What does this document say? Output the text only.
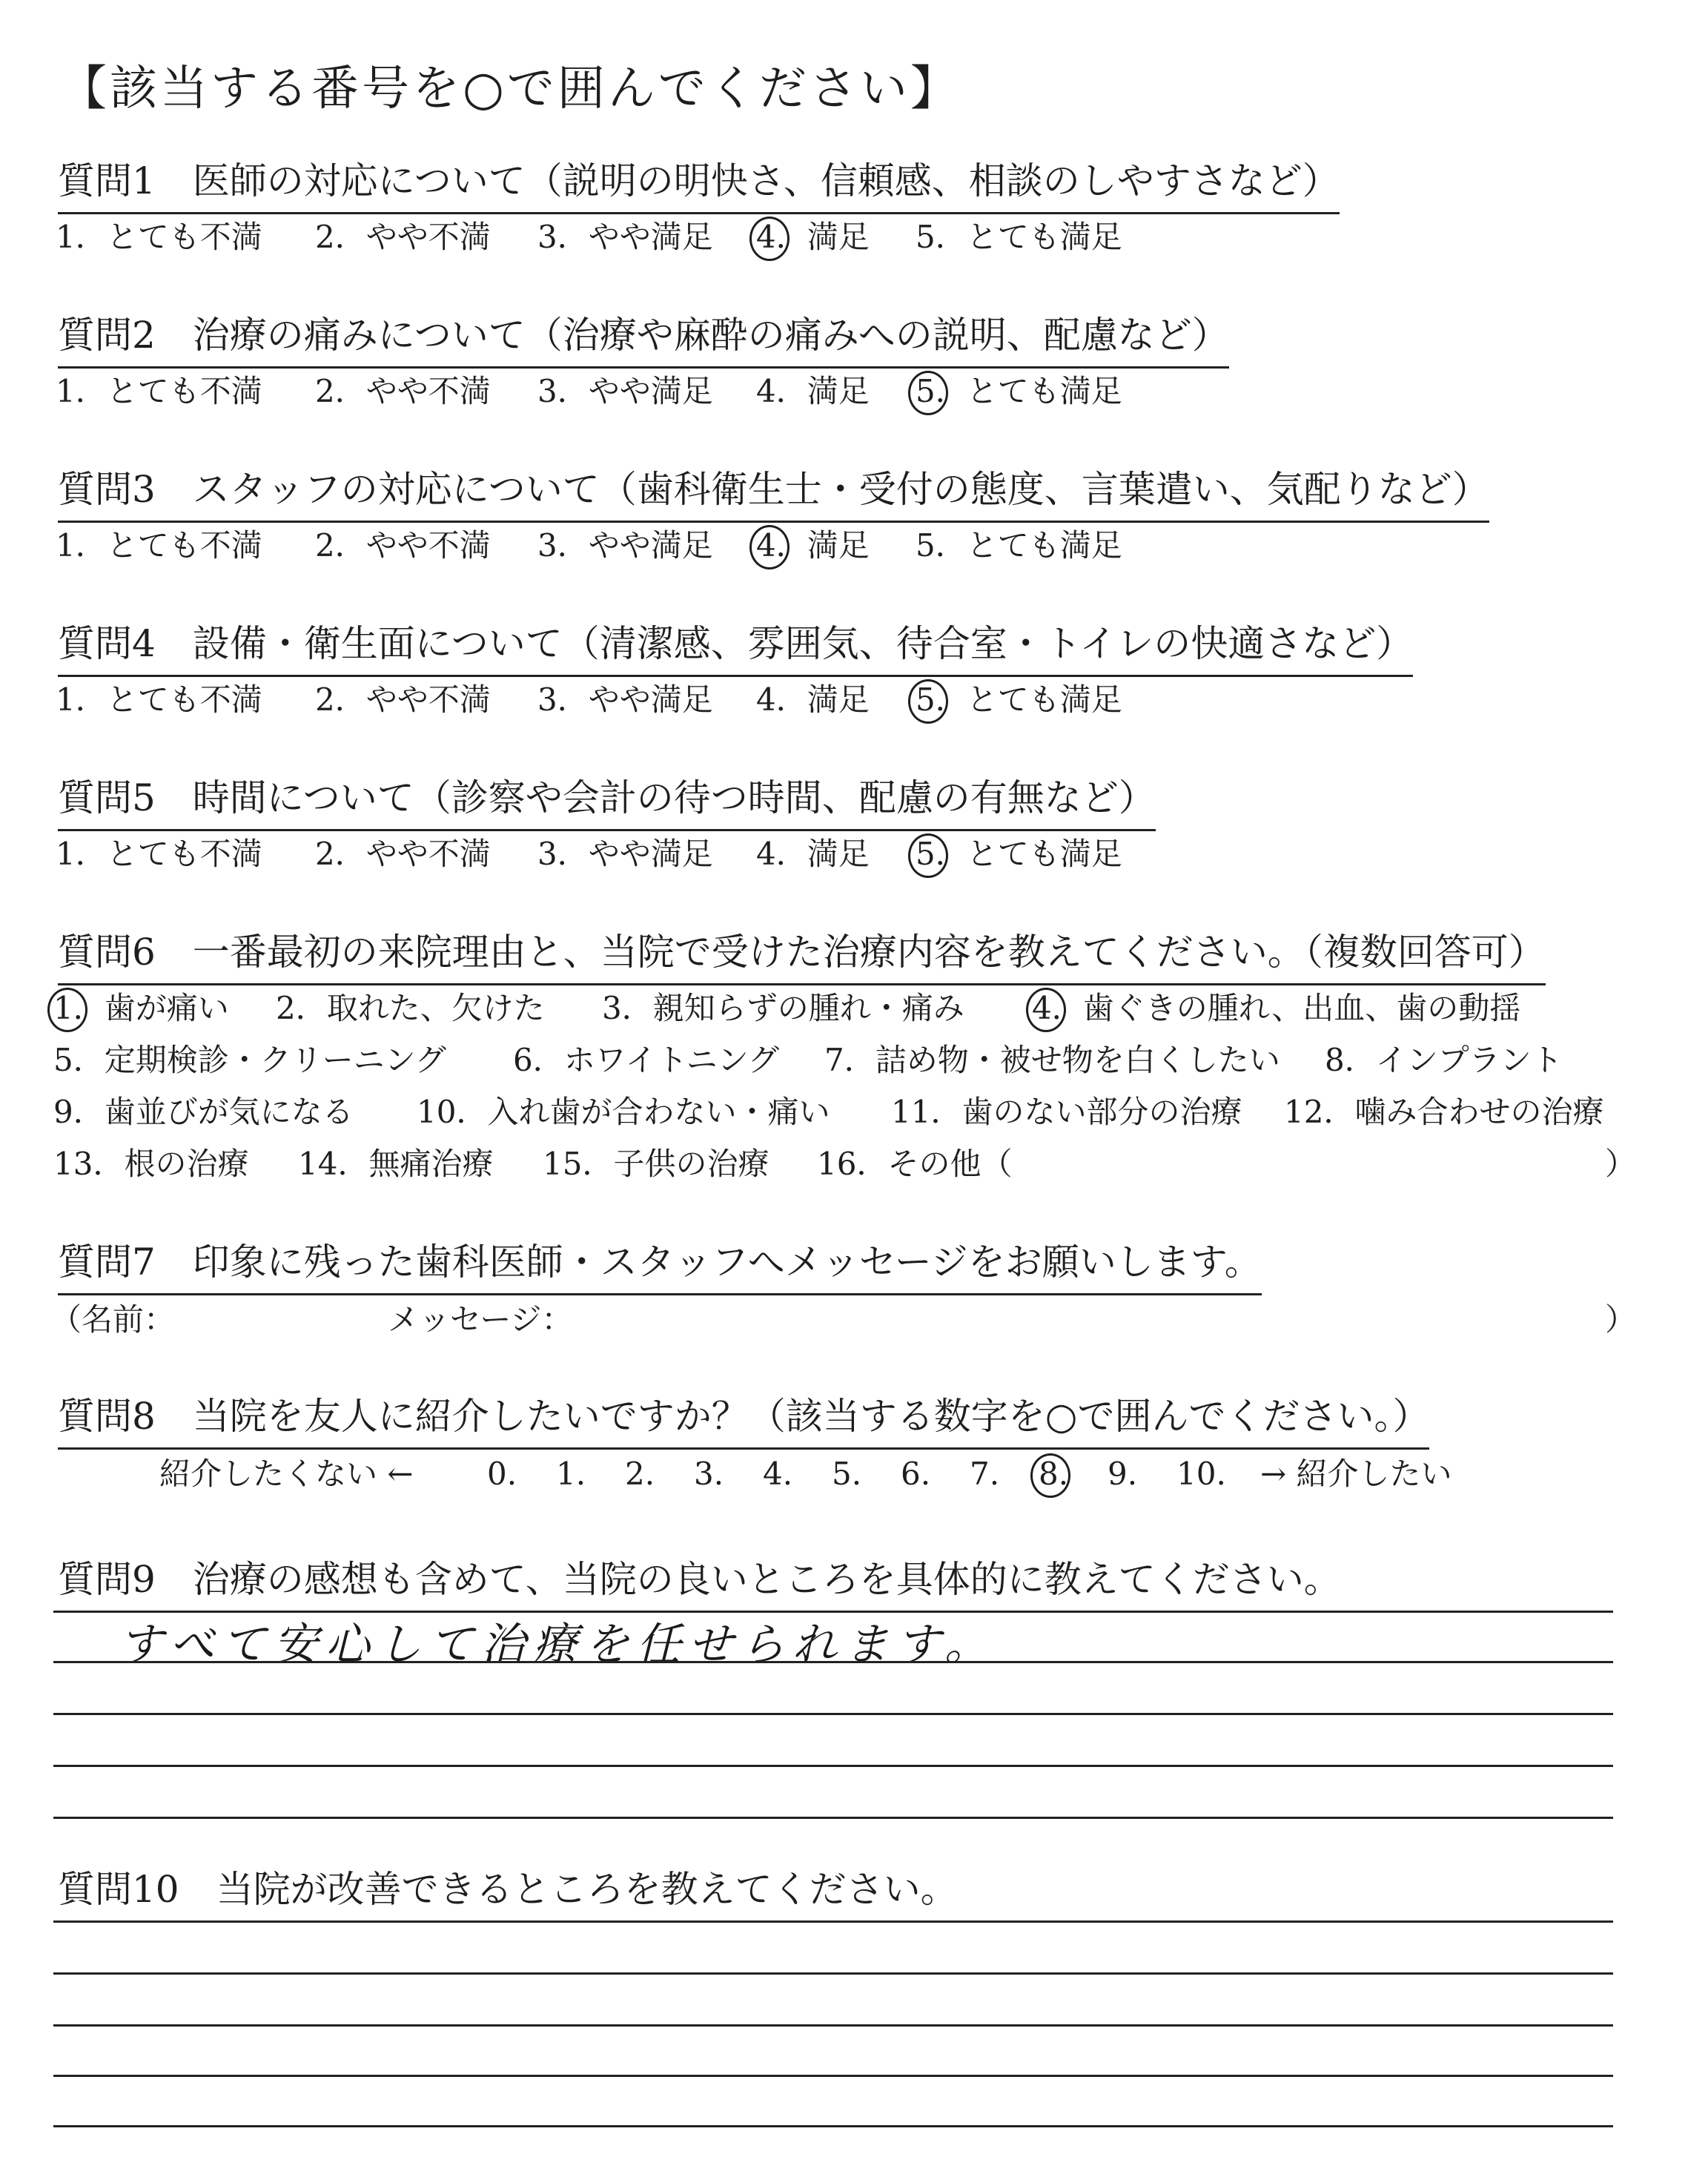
【該当する番号を○で囲んでください】
質問1　医師の対応について（説明の明快さ、信頼感、相談のしやすさなど）
1．とても不満 2．やや不満 3．やや満足 4．満足 5．とても満足
質問2　治療の痛みについて（治療や麻酔の痛みへの説明、配慮など）
1．とても不満 2．やや不満 3．やや満足 4．満足 5．とても満足
質問3　スタッフの対応について（歯科衛生士・受付の態度、言葉遣い、気配りなど）
1．とても不満 2．やや不満 3．やや満足 4．満足 5．とても満足
質問4　設備・衛生面について（清潔感、雰囲気、待合室・トイレの快適さなど）
1．とても不満 2．やや不満 3．やや満足 4．満足 5．とても満足
質問5　時間について（診察や会計の待つ時間、配慮の有無など）
1．とても不満 2．やや不満 3．やや満足 4．満足 5．とても満足
質問6　一番最初の来院理由と、当院で受けた治療内容を教えてください。（複数回答可）
1．歯が痛い 2．取れた、欠けた 3．親知らずの腫れ・痛み 4．歯ぐきの腫れ、出血、歯の動揺
5．定期検診・クリーニング 6．ホワイトニング 7．詰め物・被せ物を白くしたい 8．インプラント
9．歯並びが気になる 10．入れ歯が合わない・痛い 11．歯のない部分の治療 12．噛み合わせの治療
13．根の治療 14．無痛治療 15．子供の治療 16．その他（	）
質問7　印象に残った歯科医師・スタッフへメッセージをお願いします。
（名前：	メッセージ：	）
質問8　当院を友人に紹介したいですか？（該当する数字を○で囲んでください。）
紹介したくない ← 0. 1. 2. 3. 4. 5. 6. 7. 8. 9. 10. → 紹介したい
質問9　治療の感想も含めて、当院の良いところを具体的に教えてください。
すべて安心して治療を任せられます。
質問10　当院が改善できるところを教えてください。
